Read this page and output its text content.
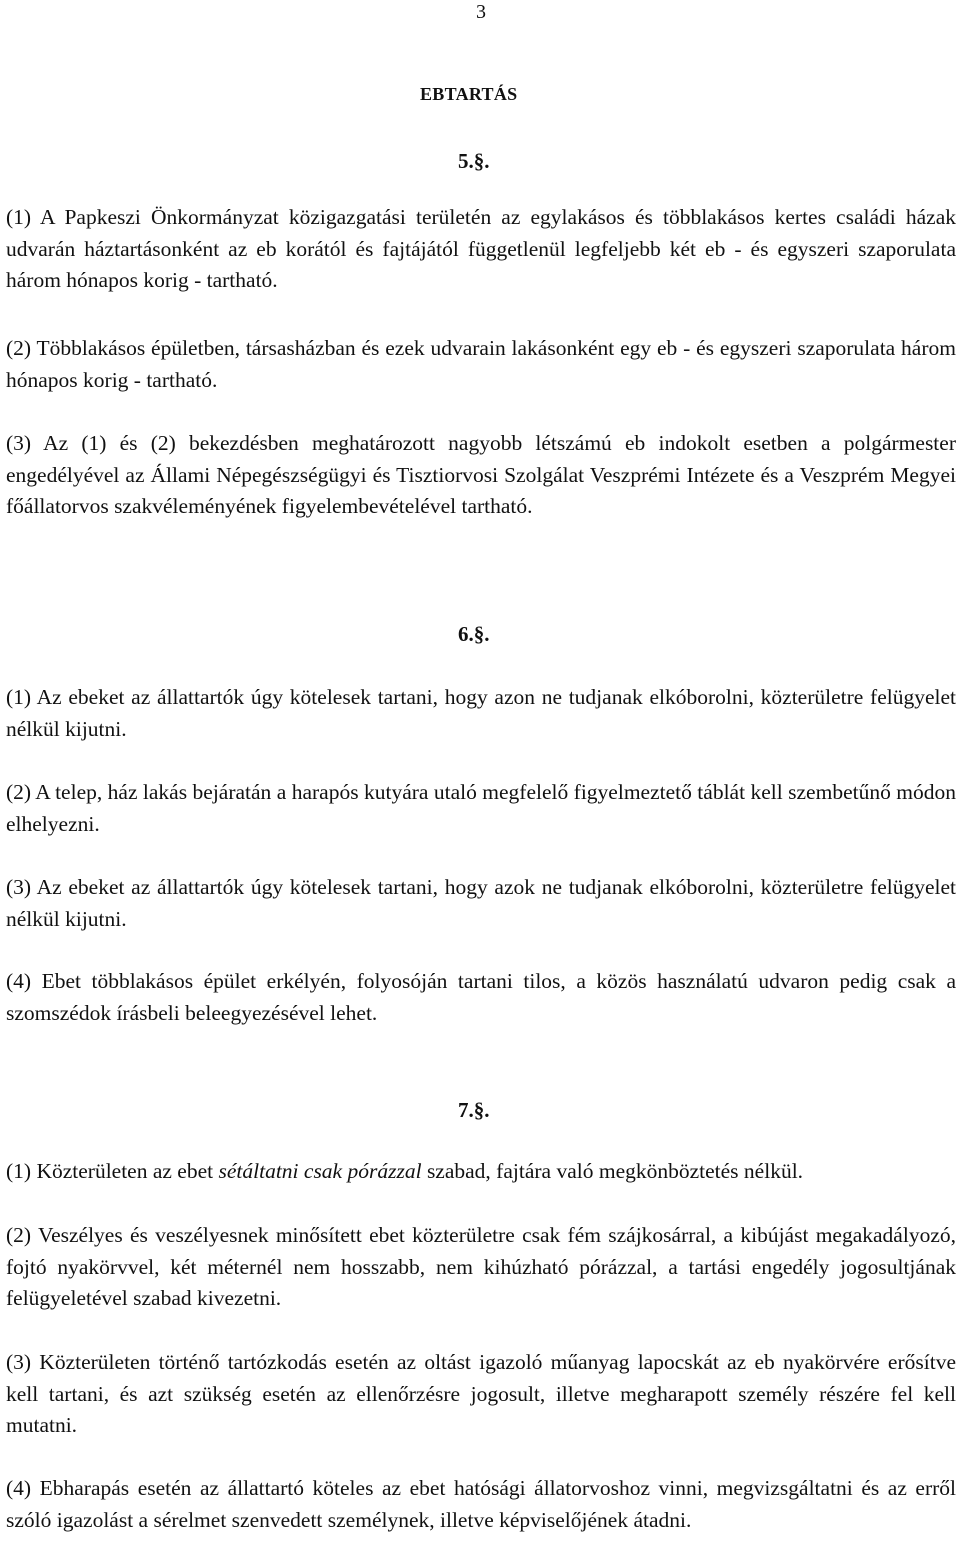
3
EBTARTÁS
5.§.

(1) A Papkeszi Önkormányzat közigazgatási területén az egylakásos és többlakásos kertes családi házak udvarán háztartásonként az eb korától és fajtájától függetlenül legfeljebb két eb - és egyszeri szaporulata három hónapos korig - tartható.

(2) Többlakásos épületben, társasházban és ezek udvarain lakásonként egy eb - és egyszeri szaporulata három hónapos korig - tartható.

(3) Az (1) és (2) bekezdésben meghatározott nagyobb létszámú eb indokolt esetben a polgármester engedélyével az Állami Népegészségügyi és Tisztiorvosi Szolgálat Veszprémi Intézete és a Veszprém Megyei főállatorvos szakvéleményének figyelembevételével tartható.

6.§.

(1) Az ebeket az állattartók úgy kötelesek tartani, hogy azon ne tudjanak elkóborolni, közterületre felügyelet nélkül kijutni.

(2) A telep, ház lakás bejáratán a harapós kutyára utaló megfelelő figyelmeztető táblát kell szembetűnő módon elhelyezni.

(3) Az ebeket az állattartók úgy kötelesek tartani, hogy azok ne tudjanak elkóborolni, közterületre felügyelet nélkül kijutni.

(4) Ebet többlakásos épület erkélyén, folyosóján tartani tilos, a közös használatú udvaron pedig csak a szomszédok írásbeli beleegyezésével lehet.

7.§.

(1) Közterületen az ebet sétáltatni csak pórázzal szabad, fajtára való megkönböztetés nélkül.

(2) Veszélyes és veszélyesnek minősített ebet közterületre csak fém szájkosárral, a kibújást megakadályozó, fojtó nyakörvvel, két méternél nem hosszabb, nem kihúzható pórázzal, a tartási engedély jogosultjának felügyeletével szabad kivezetni.

(3) Közterületen történő tartózkodás esetén az oltást igazoló műanyag lapocskát az eb nyakörvére erősítve kell tartani, és azt szükség esetén az ellenőrzésre jogosult, illetve megharapott személy részére fel kell mutatni.

(4) Ebharapás esetén az állattartó köteles az ebet hatósági állatorvoshoz vinni, megvizsgáltatni és az erről szóló igazolást a sérelmet szenvedett személynek, illetve képviselőjének átadni.
